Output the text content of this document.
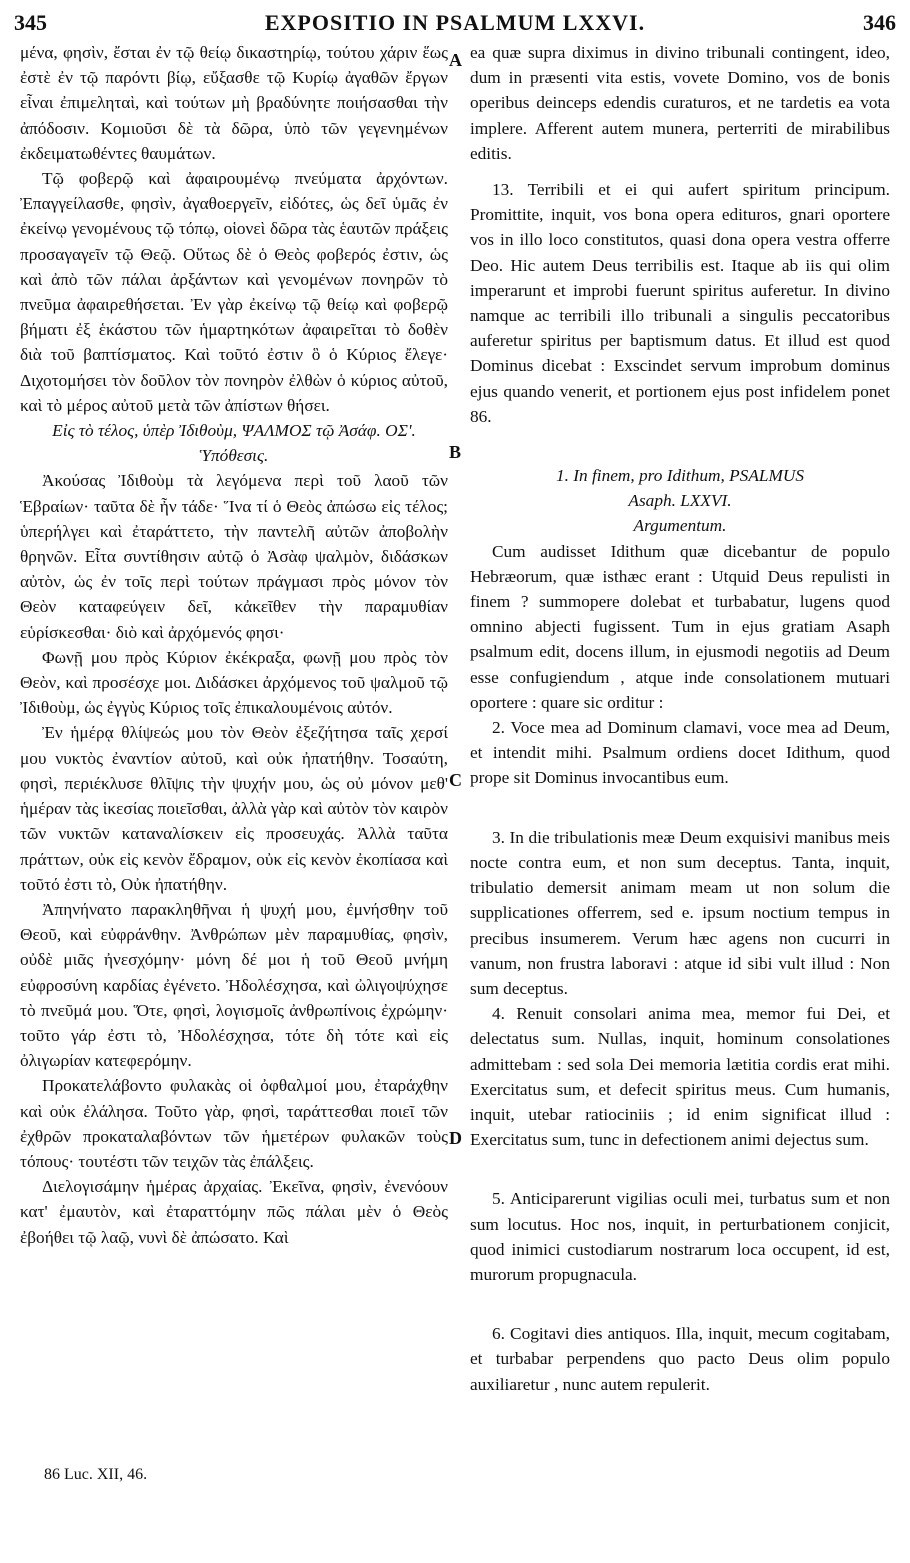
345	EXPOSITIO IN PSALMUM LXXVI.	346

μένα, φησὶν, ἔσται ἐν τῷ θείῳ δικαστηρίῳ, τούτου χάριν ἕως ἐστὲ ἐν τῷ παρόντι βίῳ, εὔξασθε τῷ Κυρίῳ ἀγαθῶν ἔργων εἶναι ἐπιμεληταὶ, καὶ τούτων μὴ βραδύνητε ποιήσασθαι τὴν ἀπόδοσιν. Κομιοῦσι δὲ τὰ δῶρα, ὑπὸ τῶν γεγενημένων ἐκδειματωθέντες θαυμάτων.

Τῷ φοβερῷ καὶ ἀφαιρουμένῳ πνεύματα ἀρχόντων. Ἐπαγγείλασθε, φησὶν, ἀγαθοεργεῖν, εἰδότες, ὡς δεῖ ὑμᾶς ἐν ἐκείνῳ γενομένους τῷ τόπῳ, οἱονεὶ δῶρα τὰς ἑαυτῶν πράξεις προσαγαγεῖν τῷ Θεῷ. Οὕτως δὲ ὁ Θεὸς φοβερός ἐστιν, ὡς καὶ ἀπὸ τῶν πάλαι ἀρξάντων καὶ γενομένων πονηρῶν τὸ πνεῦμα ἀφαιρεθήσεται. Ἐν γὰρ ἐκείνῳ τῷ θείῳ καὶ φοβερῷ βήματι ἐξ ἑκάστου τῶν ἡμαρτηκότων ἀφαιρεῖται τὸ δοθὲν διὰ τοῦ βαπτίσματος. Καὶ τοῦτό ἐστιν ὃ ὁ Κύριος ἔλεγε· Διχοτομήσει τὸν δοῦλον τὸν πονηρὸν ἐλθὼν ὁ κύριος αὐτοῦ, καὶ τὸ μέρος αὐτοῦ μετὰ τῶν ἀπίστων θήσει.

Εἰς τὸ τέλος, ὑπὲρ Ἰδιθοὺμ, ΨΑΛΜΟΣ τῷ Ἀσάφ. ΟΣʹ.

Ὑπόθεσις.

Ἀκούσας Ἰδιθοὺμ τὰ λεγόμενα περὶ τοῦ λαοῦ τῶν Ἑβραίων· ταῦτα δὲ ἦν τάδε· Ἵνα τί ὁ Θεὸς ἀπώσω εἰς τέλος; ὑπερήλγει καὶ ἐταράττετο, τὴν παντελῆ αὐτῶν ἀποβολὴν θρηνῶν. Εἶτα συντίθησιν αὐτῷ ὁ Ἀσὰφ ψαλμὸν, διδάσκων αὐτὸν, ὡς ἐν τοῖς περὶ τούτων πράγμασι πρὸς μόνον τὸν Θεὸν καταφεύγειν δεῖ, κἀκεῖθεν τὴν παραμυθίαν εὑρίσκεσθαι· διὸ καὶ ἀρχόμενός φησι·

Φωνῇ μου πρὸς Κύριον ἐκέκραξα, φωνῇ μου πρὸς τὸν Θεὸν, καὶ προσέσχε μοι. Διδάσκει ἀρχόμενος τοῦ ψαλμοῦ τῷ Ἰδιθοὺμ, ὡς ἐγγὺς Κύριος τοῖς ἐπικαλουμένοις αὐτόν.

Ἐν ἡμέρᾳ θλίψεώς μου τὸν Θεὸν ἐξεζήτησα ταῖς χερσί μου νυκτὸς ἐναντίον αὐτοῦ, καὶ οὐκ ἠπατήθην. Τοσαύτη, φησὶ, περιέκλυσε θλῖψις τὴν ψυχήν μου, ὡς οὐ μόνον μεθ' ἡμέραν τὰς ἱκεσίας ποιεῖσθαι, ἀλλὰ γὰρ καὶ αὐτὸν τὸν καιρὸν τῶν νυκτῶν καταναλίσκειν εἰς προσευχάς. Ἀλλὰ ταῦτα πράττων, οὐκ εἰς κενὸν ἔδραμον, οὐκ εἰς κενὸν ἐκοπίασα καὶ τοῦτό ἐστι τὸ, Οὐκ ἠπατήθην.

Ἀπηνήνατο παρακληθῆναι ἡ ψυχή μου, ἐμνήσθην τοῦ Θεοῦ, καὶ εὐφράνθην. Ἀνθρώπων μὲν παραμυθίας, φησὶν, οὐδὲ μιᾶς ἠνεσχόμην· μόνη δέ μοι ἡ τοῦ Θεοῦ μνήμη εὐφροσύνη καρδίας ἐγένετο. Ἠδολέσχησα, καὶ ὠλιγοψύχησε τὸ πνεῦμά μου. Ὅτε, φησὶ, λογισμοῖς ἀνθρωπίνοις ἐχρώμην· τοῦτο γάρ ἐστι τὸ, Ἠδολέσχησα, τότε δὴ τότε καὶ εἰς ὀλιγωρίαν κατεφερόμην.

Προκατελάβοντο φυλακὰς οἱ ὀφθαλμοί μου, ἐταράχθην καὶ οὐκ ἐλάλησα. Τοῦτο γὰρ, φησὶ, ταράττεσθαι ποιεῖ τῶν ἐχθρῶν προκαταλαβόντων τῶν ἡμετέρων φυλακῶν τοὺς τόπους· τουτέστι τῶν τειχῶν τὰς ἐπάλξεις.

Διελογισάμην ἡμέρας ἀρχαίας. Ἐκεῖνα, φησὶν, ἐνενόουν κατ' ἐμαυτὸν, καὶ ἐταραττόμην πῶς πάλαι μὲν ὁ Θεὸς ἐβοήθει τῷ λαῷ, νυνὶ δὲ ἀπώσατο. Καὶ

A
B
C
D

ea quæ supra diximus in divino tribunali contingent, ideo, dum in præsenti vita estis, vovete Domino, vos de bonis operibus deinceps edendis curaturos, et ne tardetis ea vota implere. Afferent autem munera, perterriti de mirabilibus editis.

13. Terribili et ei qui aufert spiritum principum. Promittite, inquit, vos bona opera edituros, gnari oportere vos in illo loco constitutos, quasi dona opera vestra offerre Deo. Hic autem Deus terribilis est. Itaque ab iis qui olim imperarunt et improbi fuerunt spiritus auferetur. In divino namque ac terribili illo tribunali a singulis peccatoribus auferetur spiritus per baptismum datus. Et illud est quod Dominus dicebat : Exscindet servum improbum dominus ejus quando venerit, et portionem ejus post infidelem ponet 86.

1. In finem, pro Idithum, PSALMUS

Asaph. LXXVI.

Argumentum.

Cum audisset Idithum quæ dicebantur de populo Hebræorum, quæ isthæc erant : Utquid Deus repulisti in finem ? summopere dolebat et turbabatur, lugens quod omnino abjecti fugissent. Tum in ejus gratiam Asaph psalmum edit, docens illum, in ejusmodi negotiis ad Deum esse confugiendum , atque inde consolationem mutuari oportere : quare sic orditur :

2. Voce mea ad Dominum clamavi, voce mea ad Deum, et intendit mihi. Psalmum ordiens docet Idithum, quod prope sit Dominus invocantibus eum.

3. In die tribulationis meæ Deum exquisivi manibus meis nocte contra eum, et non sum deceptus. Tanta, inquit, tribulatio demersit animam meam ut non solum die supplicationes offerrem, sed e. ipsum noctium tempus in precibus insumerem. Verum hæc agens non cucurri in vanum, non frustra laboravi : atque id sibi vult illud : Non sum deceptus.

4. Renuit consolari anima mea, memor fui Dei, et delectatus sum. Nullas, inquit, hominum consolationes admittebam : sed sola Dei memoria lætitia cordis erat mihi. Exercitatus sum, et defecit spiritus meus. Cum humanis, inquit, utebar ratiociniis ; id enim significat illud : Exercitatus sum, tunc in defectionem animi dejectus sum.

5. Anticiparerunt vigilias oculi mei, turbatus sum et non sum locutus. Hoc nos, inquit, in perturbationem conjicit, quod inimici custodiarum nostrarum loca occupent, id est, murorum propugnacula.

6. Cogitavi dies antiquos. Illa, inquit, mecum cogitabam, et turbabar perpendens quo pacto Deus olim populo auxiliaretur , nunc autem repulerit.

86 Luc. XII, 46.
